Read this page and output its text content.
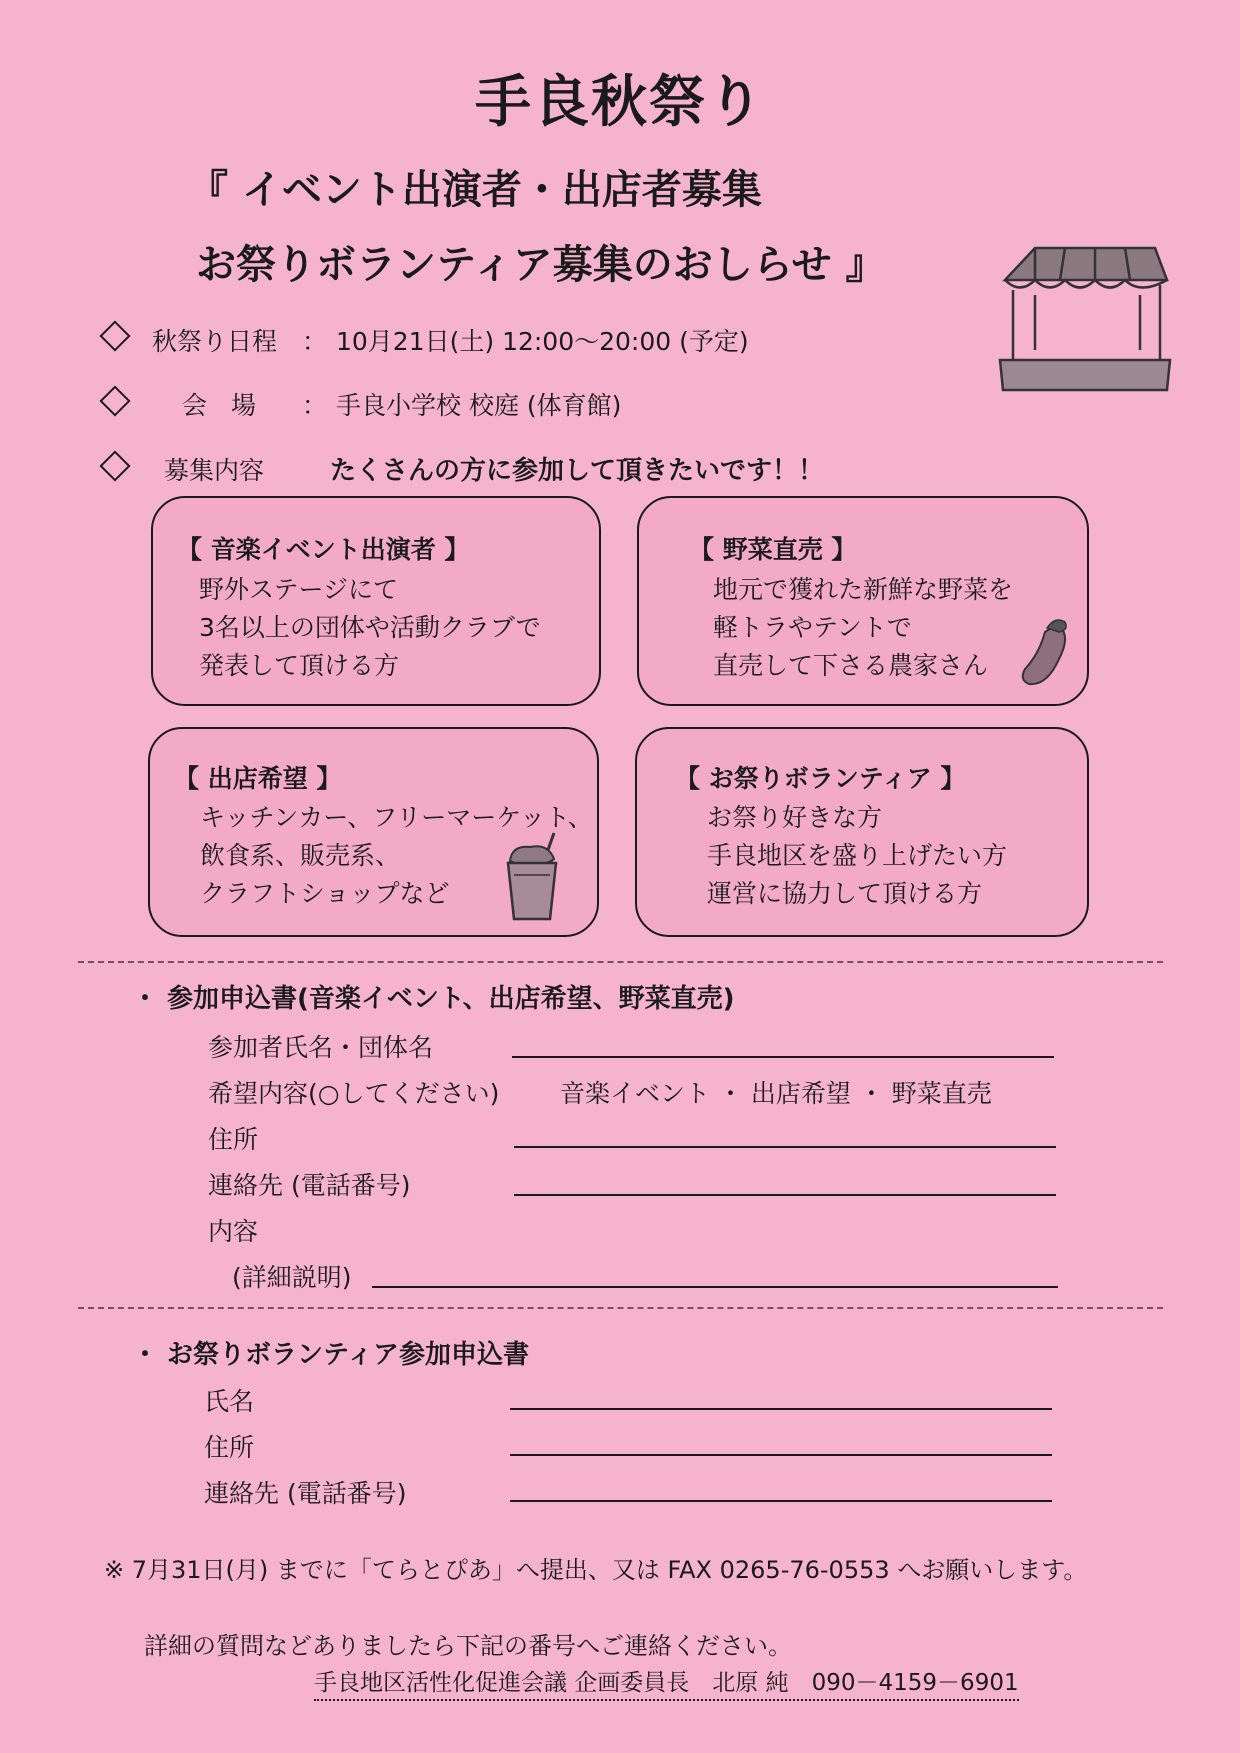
手良秋祭り
『 イベント出演者・出店者募集
お祭りボランティア募集のおしらせ 』
秋祭り日程 ： 10月21日(土) 12:00〜20:00 (予定)
会 場 ： 手良小学校 校庭 (体育館)
募集内容	たくさんの方に参加して頂きたいです！！
【 音楽イベント出演者 】
野外ステージにて
3名以上の団体や活動クラブで
発表して頂ける方
【 野菜直売 】
地元で獲れた新鮮な野菜を
軽トラやテントで
直売して下さる農家さん
【 出店希望 】
キッチンカー、フリーマーケット、
飲食系、販売系、
クラフトショップなど
【 お祭りボランティア 】
お祭り好きな方
手良地区を盛り上げたい方
運営に協力して頂ける方
・ 参加申込書(音楽イベント、出店希望、野菜直売)
参加者氏名・団体名
希望内容(○してください) 音楽イベント ・ 出店希望 ・ 野菜直売
住所
連絡先 (電話番号)
内容
(詳細説明)
・ お祭りボランティア参加申込書
氏名
住所
連絡先 (電話番号)
※ 7月31日(月) までに「てらとぴあ」へ提出、又は FAX 0265-76-0553 へお願いします。
詳細の質問などありましたら下記の番号へご連絡ください。
手良地区活性化促進会議 企画委員長　北原 純　090－4159－6901
